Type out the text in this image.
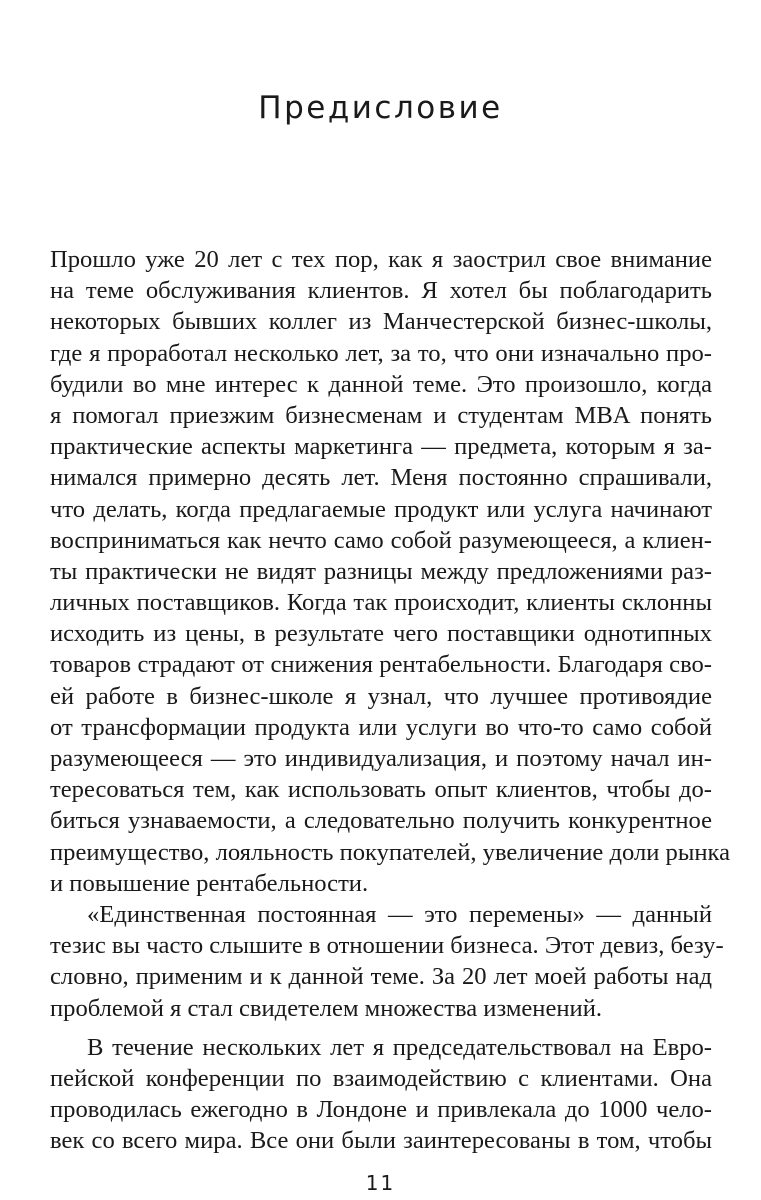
Предисловие
Прошло уже 20 лет с тех пор, как я заострил свое внимание
на теме обслуживания клиентов. Я хотел бы поблагодарить
некоторых бывших коллег из Манчестерской бизнес-школы,
где я проработал несколько лет, за то, что они изначально про-
будили во мне интерес к данной теме. Это произошло, когда
я помогал приезжим бизнесменам и студентам MBA понять
практические аспекты маркетинга — предмета, которым я за-
нимался примерно десять лет. Меня постоянно спрашивали,
что делать, когда предлагаемые продукт или услуга начинают
восприниматься как нечто само собой разумеющееся, а клиен-
ты практически не видят разницы между предложениями раз-
личных поставщиков. Когда так происходит, клиенты склонны
исходить из цены, в результате чего поставщики однотипных
товаров страдают от снижения рентабельности. Благодаря сво-
ей работе в бизнес-школе я узнал, что лучшее противоядие
от трансформации продукта или услуги во что-то само собой
разумеющееся — это индивидуализация, и поэтому начал ин-
тересоваться тем, как использовать опыт клиентов, чтобы до-
биться узнаваемости, а следовательно получить конкурентное
преимущество, лояльность покупателей, увеличение доли рынка
и повышение рентабельности.
«Единственная постоянная — это перемены» — данный
тезис вы часто слышите в отношении бизнеса. Этот девиз, безу-
словно, применим и к данной теме. За 20 лет моей работы над
проблемой я стал свидетелем множества изменений.
В течение нескольких лет я председательствовал на Евро-
пейской конференции по взаимодействию с клиентами. Она
проводилась ежегодно в Лондоне и привлекала до 1000 чело-
век со всего мира. Все они были заинтересованы в том, чтобы
11
